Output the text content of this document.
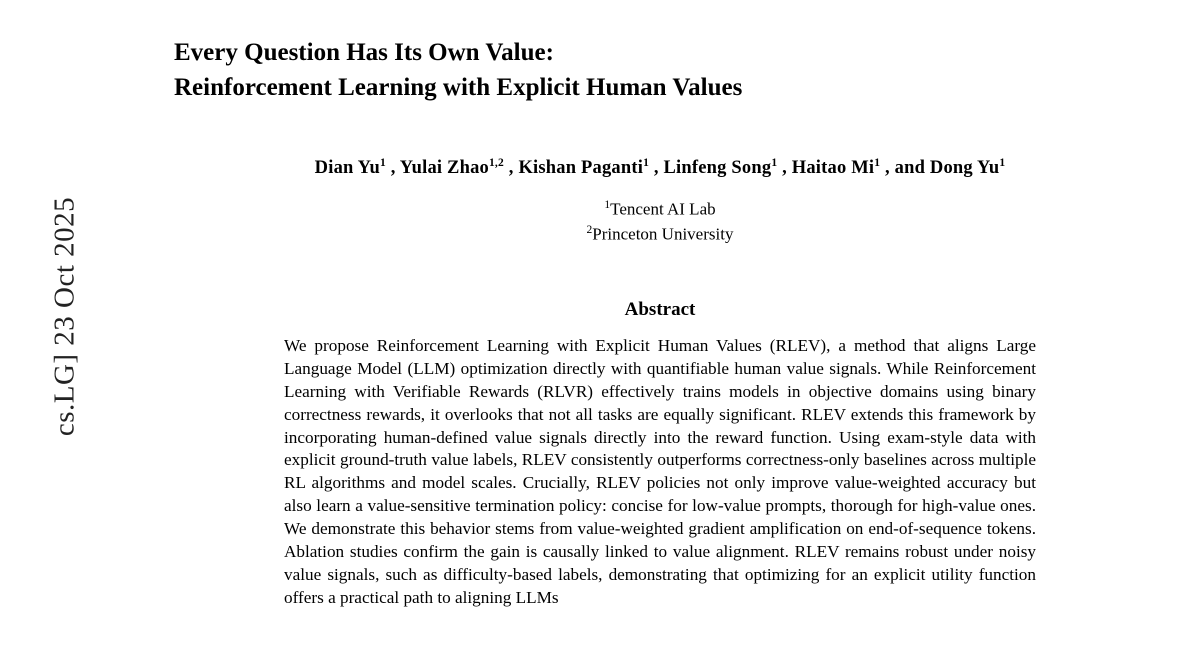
cs.LG] 23 Oct 2025
Every Question Has Its Own Value:
Reinforcement Learning with Explicit Human Values
Dian Yu$^1$ , Yulai Zhao$^{1,2}$ , Kishan Paganti$^1$ , Linfeng Song$^1$ , Haitao Mi$^1$ , and Dong Yu$^1$
$^1$Tencent AI Lab
$^2$Princeton University
Abstract
We propose Reinforcement Learning with Explicit Human Values (RLEV), a method that aligns Large Language Model (LLM) optimization directly with quantifiable human value signals. While Reinforcement Learning with Verifiable Rewards (RLVR) effectively trains models in objective domains using binary correctness rewards, it overlooks that not all tasks are equally significant. RLEV extends this framework by incorporating human-defined value signals directly into the reward function. Using exam-style data with explicit ground-truth value labels, RLEV consistently outperforms correctness-only baselines across multiple RL algorithms and model scales. Crucially, RLEV policies not only improve value-weighted accuracy but also learn a value-sensitive termination policy: concise for low-value prompts, thorough for high-value ones. We demonstrate this behavior stems from value-weighted gradient amplification on end-of-sequence tokens. Ablation studies confirm the gain is causally linked to value alignment. RLEV remains robust under noisy value signals, such as difficulty-based labels, demonstrating that optimizing for an explicit utility function offers a practical path to aligning LLMs
